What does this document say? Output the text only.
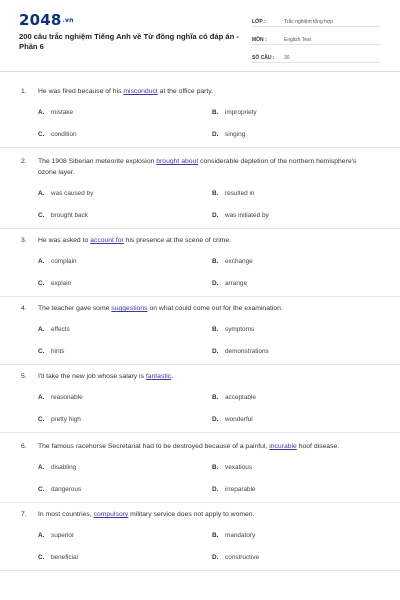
$2048^{.vn}$
200 câu trắc nghiệm Tiếng Anh về Từ đồng nghĩa có đáp án - Phần 6
LỚP :	Trắc nghiệm tổng hợp
MÔN :	English Test
SỐ CÂU :	30
1. He was fired because of his misconduct at the office party.
A. mistake	B. impropriety
C. condition	D. singing
2. The 1908 Siberian meteorite explosion brought about considerable depletion of the northern hemisphere's ozone layer.
A. was caused by	B. resulted in
C. brought back	D. was initiated by
3. He was asked to account for his presence at the scene of crime.
A. complain	B. exchange
C. explain	D. arrange
4. The teacher gave some suggestions on what could come out for the examination.
A. effects	B. symptoms
C. hints	D. demonstrations
5. I'll take the new job whose salary is fantastic.
A. reasonable	B. acceptable
C. pretty high	D. wonderful
6. The famous racehorse Secretariat had to be destroyed because of a painful, incurable hoof disease.
A. disabling	B. vexatious
C. dangerous	D. irreparable
7. In most countries, compulsory military service does not apply to women.
A. superior	B. mandatory
C. beneficial	D. constructive
